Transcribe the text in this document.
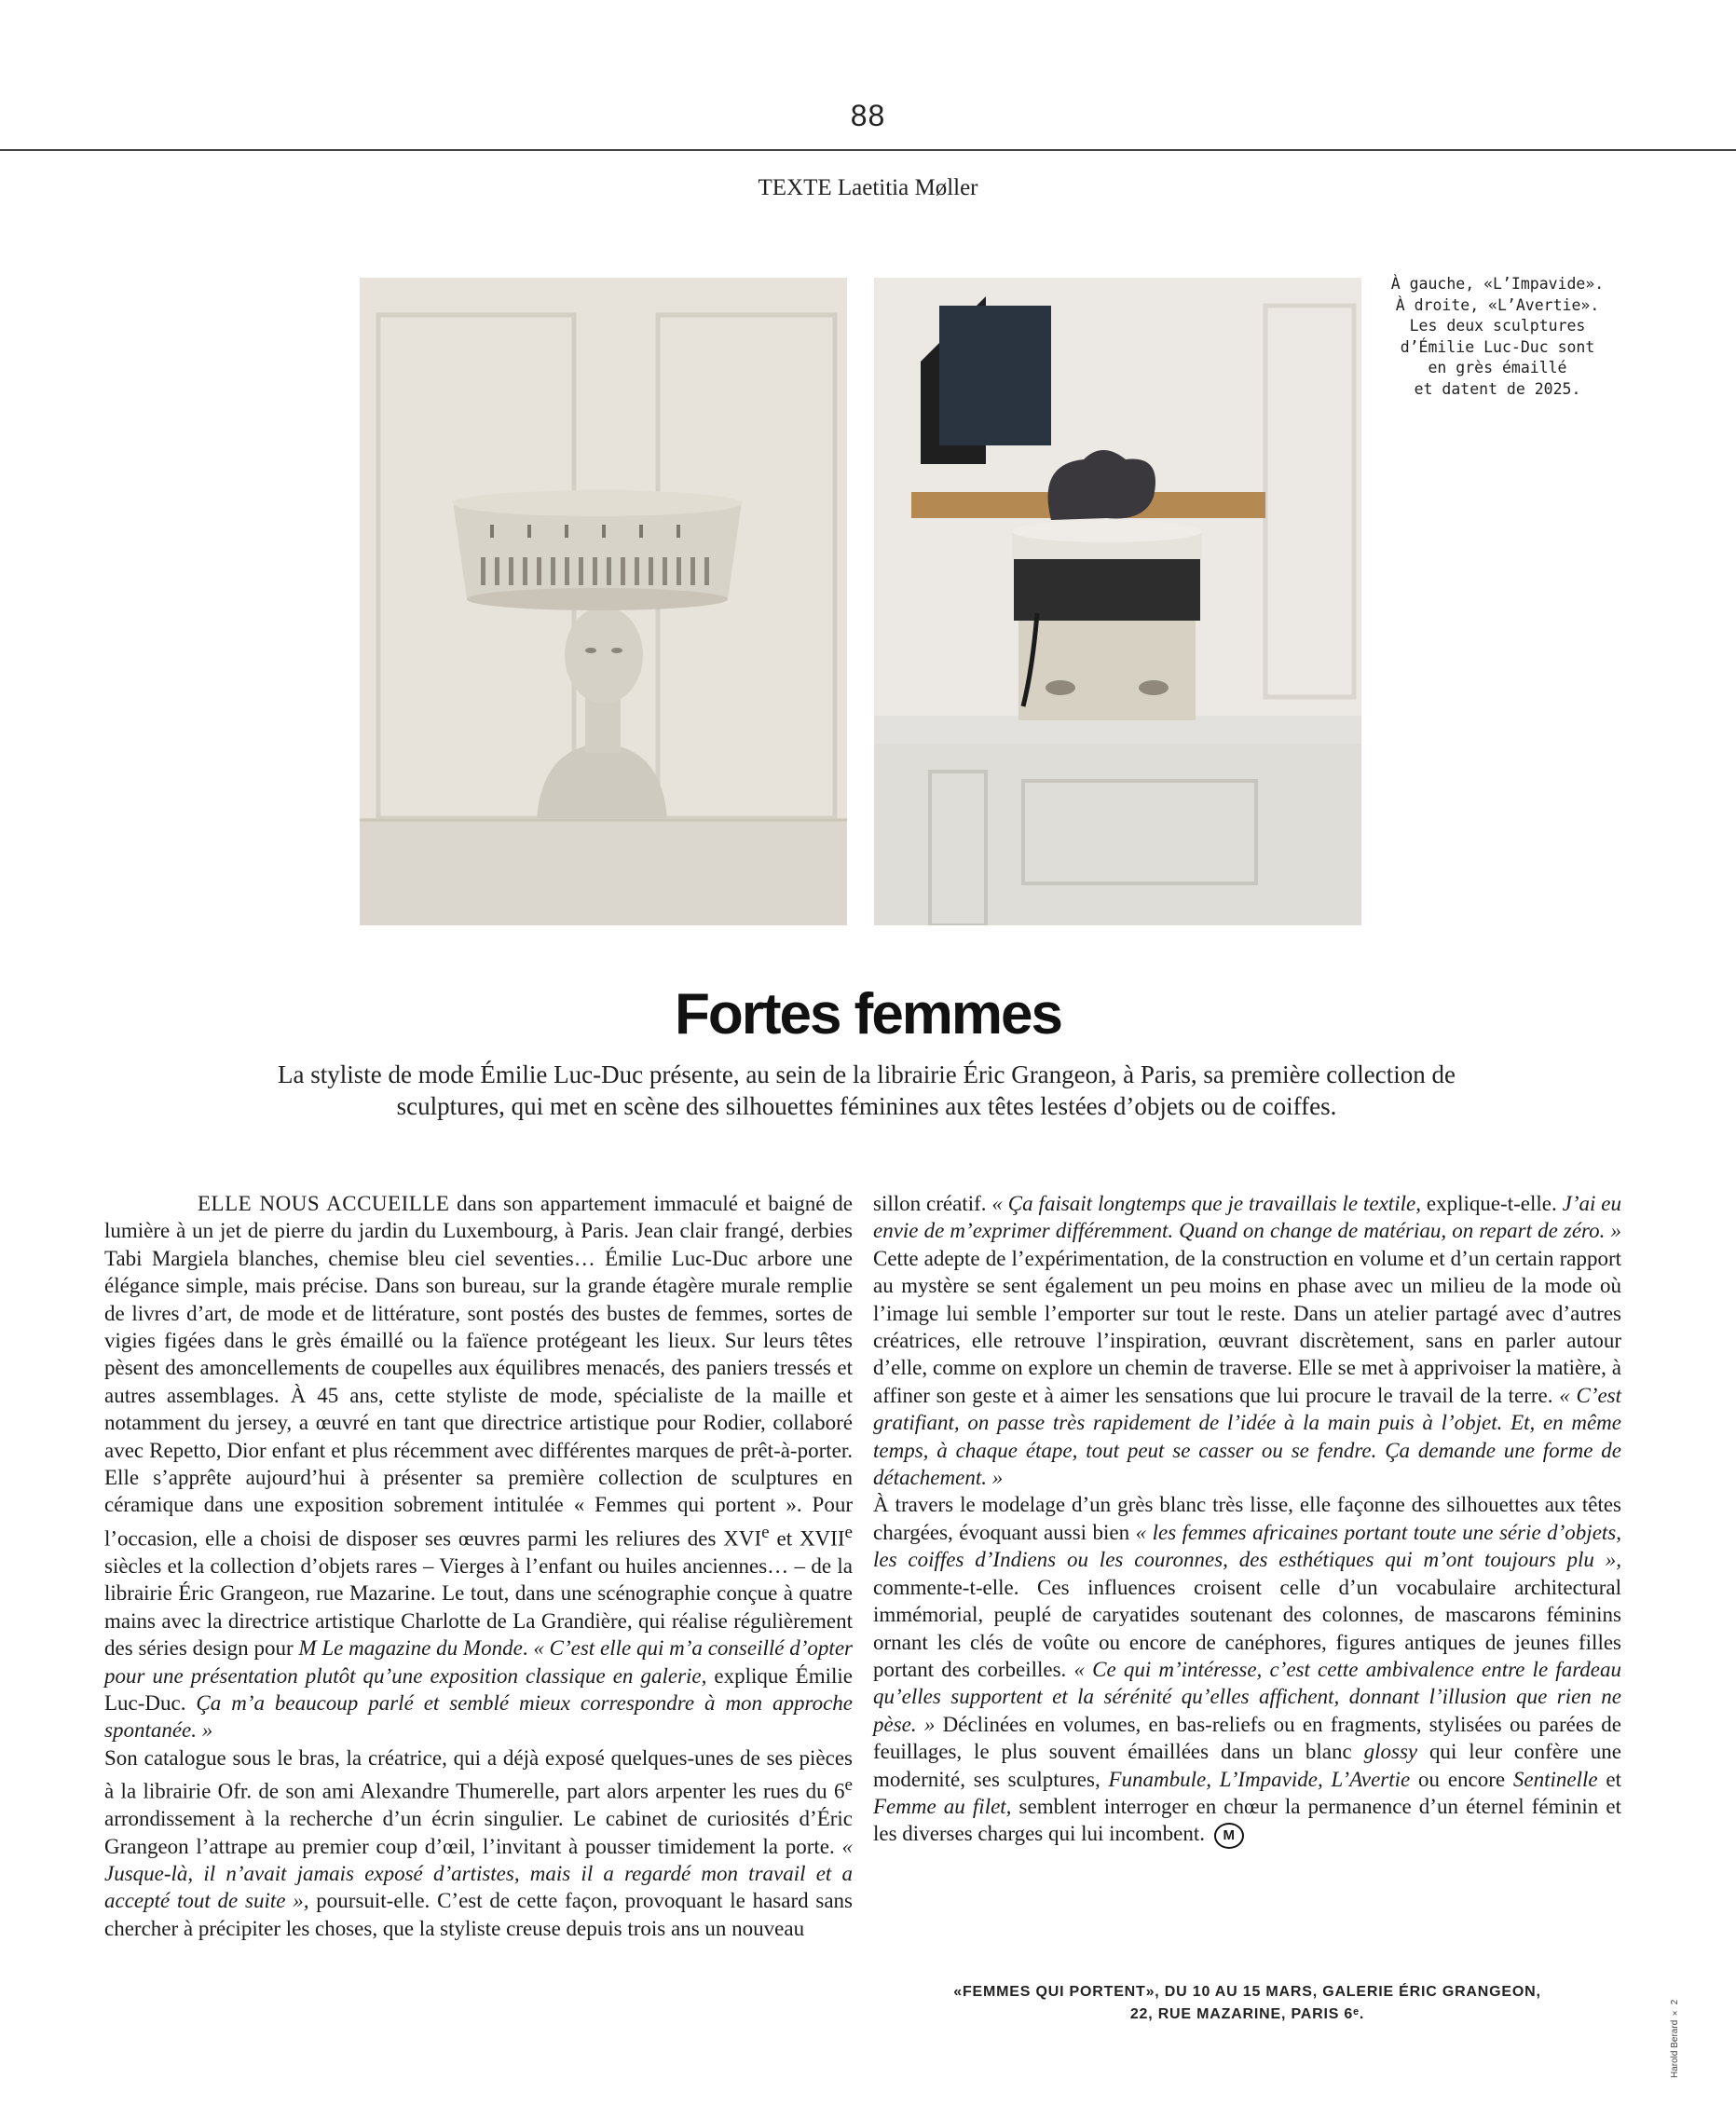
88
TEXTE Laetitia Møller

À gauche, «L’Impavide».

À droite, «L’Avertie».

Les deux sculptures

d’Émilie Luc-Duc sont

en grès émaillé

et datent de 2025.

Fortes femmes
La styliste de mode Émilie Luc-Duc présente, au sein de la librairie Éric Grangeon, à Paris, sa première collection de sculptures, qui met en scène des silhouettes féminines aux têtes lestées d’objets ou de coiffes.

ELLE NOUS ACCUEILLE dans son appartement immaculé et baigné de lumière à un jet de pierre du jardin du Luxembourg, à Paris. Jean clair frangé, derbies Tabi Margiela blanches, chemise bleu ciel seventies… Émilie Luc-Duc arbore une élégance simple, mais précise. Dans son bureau, sur la grande étagère murale remplie de livres d’art, de mode et de littérature, sont postés des bustes de femmes, sortes de vigies figées dans le grès émaillé ou la faïence protégeant les lieux. Sur leurs têtes pèsent des amoncellements de coupelles aux équilibres menacés, des paniers tressés et autres assemblages. À 45 ans, cette styliste de mode, spécialiste de la maille et notamment du jersey, a œuvré en tant que directrice artistique pour Rodier, collaboré avec Repetto, Dior enfant et plus récemment avec différentes marques de prêt-à-porter. Elle s’apprête aujourd’hui à présenter sa première collection de sculptures en céramique dans une exposition sobrement intitulée « Femmes qui portent ». Pour l’occasion, elle a choisi de disposer ses œuvres parmi les reliures des XVIe et XVIIe siècles et la collection d’objets rares – Vierges à l’enfant ou huiles anciennes… – de la librairie Éric Grangeon, rue Mazarine. Le tout, dans une scénographie conçue à quatre mains avec la directrice artistique Charlotte de La Grandière, qui réalise régulièrement des séries design pour M Le magazine du Monde. « C’est elle qui m’a conseillé d’opter pour une présentation plutôt qu’une exposition classique en galerie, explique Émilie Luc-Duc. Ça m’a beaucoup parlé et semblé mieux correspondre à mon approche spontanée. »

Son catalogue sous le bras, la créatrice, qui a déjà exposé quelques-unes de ses pièces à la librairie Ofr. de son ami Alexandre Thumerelle, part alors arpenter les rues du 6e arrondissement à la recherche d’un écrin singulier. Le cabinet de curiosités d’Éric Grangeon l’attrape au premier coup d’œil, l’invitant à pousser timidement la porte. « Jusque-là, il n’avait jamais exposé d’artistes, mais il a regardé mon travail et a accepté tout de suite », poursuit-elle. C’est de cette façon, provoquant le hasard sans chercher à précipiter les choses, que la styliste creuse depuis trois ans un nouveau

sillon créatif. « Ça faisait longtemps que je travaillais le textile, explique-t-elle. J’ai eu envie de m’exprimer différemment. Quand on change de matériau, on repart de zéro. » Cette adepte de l’expérimentation, de la construction en volume et d’un certain rapport au mystère se sent également un peu moins en phase avec un milieu de la mode où l’image lui semble l’emporter sur tout le reste. Dans un atelier partagé avec d’autres créatrices, elle retrouve l’inspiration, œuvrant discrètement, sans en parler autour d’elle, comme on explore un chemin de traverse. Elle se met à apprivoiser la matière, à affiner son geste et à aimer les sensations que lui procure le travail de la terre. « C’est gratifiant, on passe très rapidement de l’idée à la main puis à l’objet. Et, en même temps, à chaque étape, tout peut se casser ou se fendre. Ça demande une forme de détachement. »

À travers le modelage d’un grès blanc très lisse, elle façonne des silhouettes aux têtes chargées, évoquant aussi bien « les femmes africaines portant toute une série d’objets, les coiffes d’Indiens ou les couronnes, des esthétiques qui m’ont toujours plu », commente-t-elle. Ces influences croisent celle d’un vocabulaire architectural immémorial, peuplé de caryatides soutenant des colonnes, de mascarons féminins ornant les clés de voûte ou encore de canéphores, figures antiques de jeunes filles portant des corbeilles. « Ce qui m’intéresse, c’est cette ambivalence entre le fardeau qu’elles supportent et la sérénité qu’elles affichent, donnant l’illusion que rien ne pèse. » Déclinées en volumes, en bas-reliefs ou en fragments, stylisées ou parées de feuillages, le plus souvent émaillées dans un blanc glossy qui leur confère une modernité, ses sculptures, Funambule, L’Impavide, L’Avertie ou encore Sentinelle et Femme au filet, semblent interroger en chœur la permanence d’un éternel féminin et les diverses charges qui lui incombent. M

«FEMMES QUI PORTENT», DU 10 AU 15 MARS, GALERIE ÉRIC GRANGEON,
22, RUE MAZARINE, PARIS 6ᵉ.	Harold Berard × 2
